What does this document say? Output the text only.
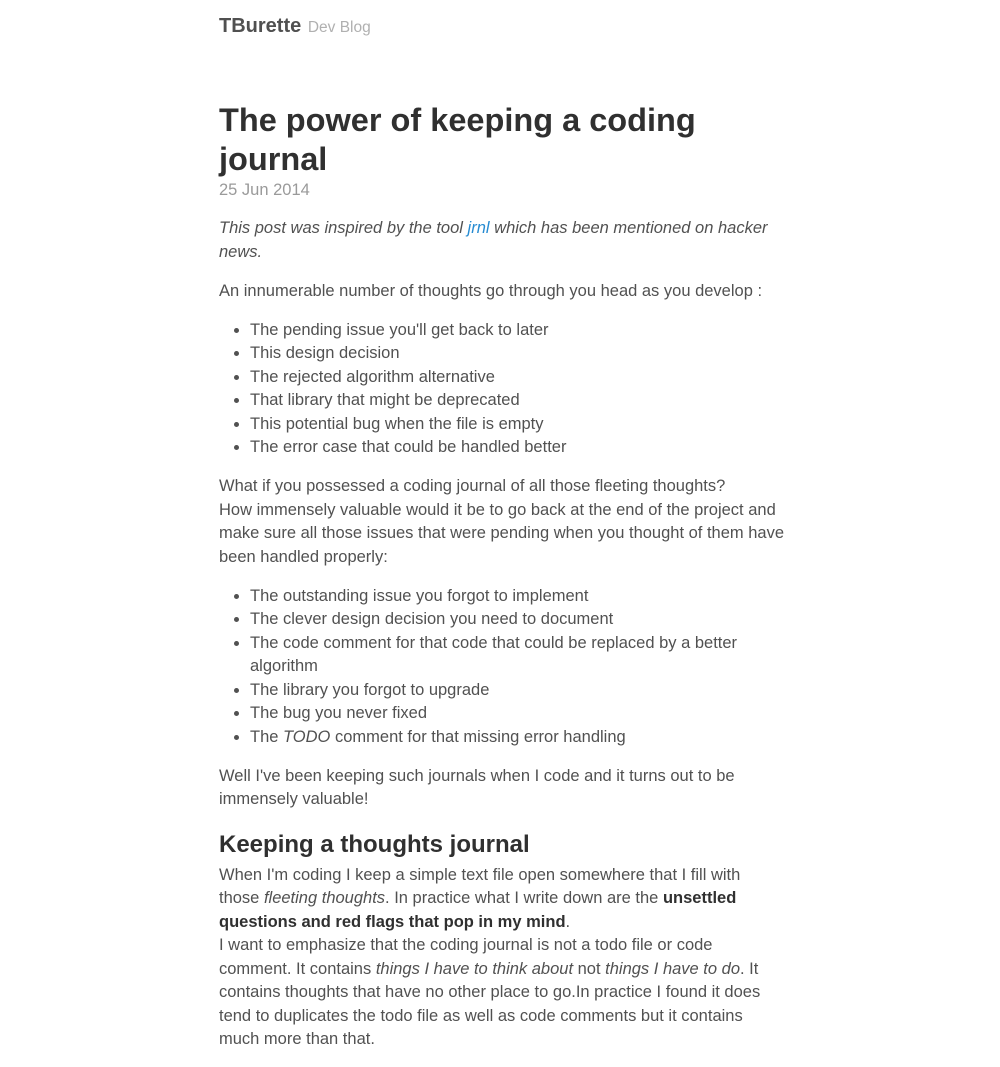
TBurette Dev Blog
The power of keeping a coding journal
25 Jun 2014

This post was inspired by the tool jrnl which has been mentioned on hacker news.

An innumerable number of thoughts go through you head as you develop :

• The pending issue you'll get back to later
• This design decision
• The rejected algorithm alternative
• That library that might be deprecated
• This potential bug when the file is empty
• The error case that could be handled better

What if you possessed a coding journal of all those fleeting thoughts?
How immensely valuable would it be to go back at the end of the project and make sure all those issues that were pending when you thought of them have been handled properly:

• The outstanding issue you forgot to implement
• The clever design decision you need to document
• The code comment for that code that could be replaced by a better algorithm
• The library you forgot to upgrade
• The bug you never fixed
• The TODO comment for that missing error handling

Well I've been keeping such journals when I code and it turns out to be immensely valuable!

Keeping a thoughts journal

When I'm coding I keep a simple text file open somewhere that I fill with those fleeting thoughts. In practice what I write down are the unsettled questions and red flags that pop in my mind.
I want to emphasize that the coding journal is not a todo file or code comment. It contains things I have to think about not things I have to do. It contains thoughts that have no other place to go.In practice I found it does tend to duplicates the todo file as well as code comments but it contains much more than that.
